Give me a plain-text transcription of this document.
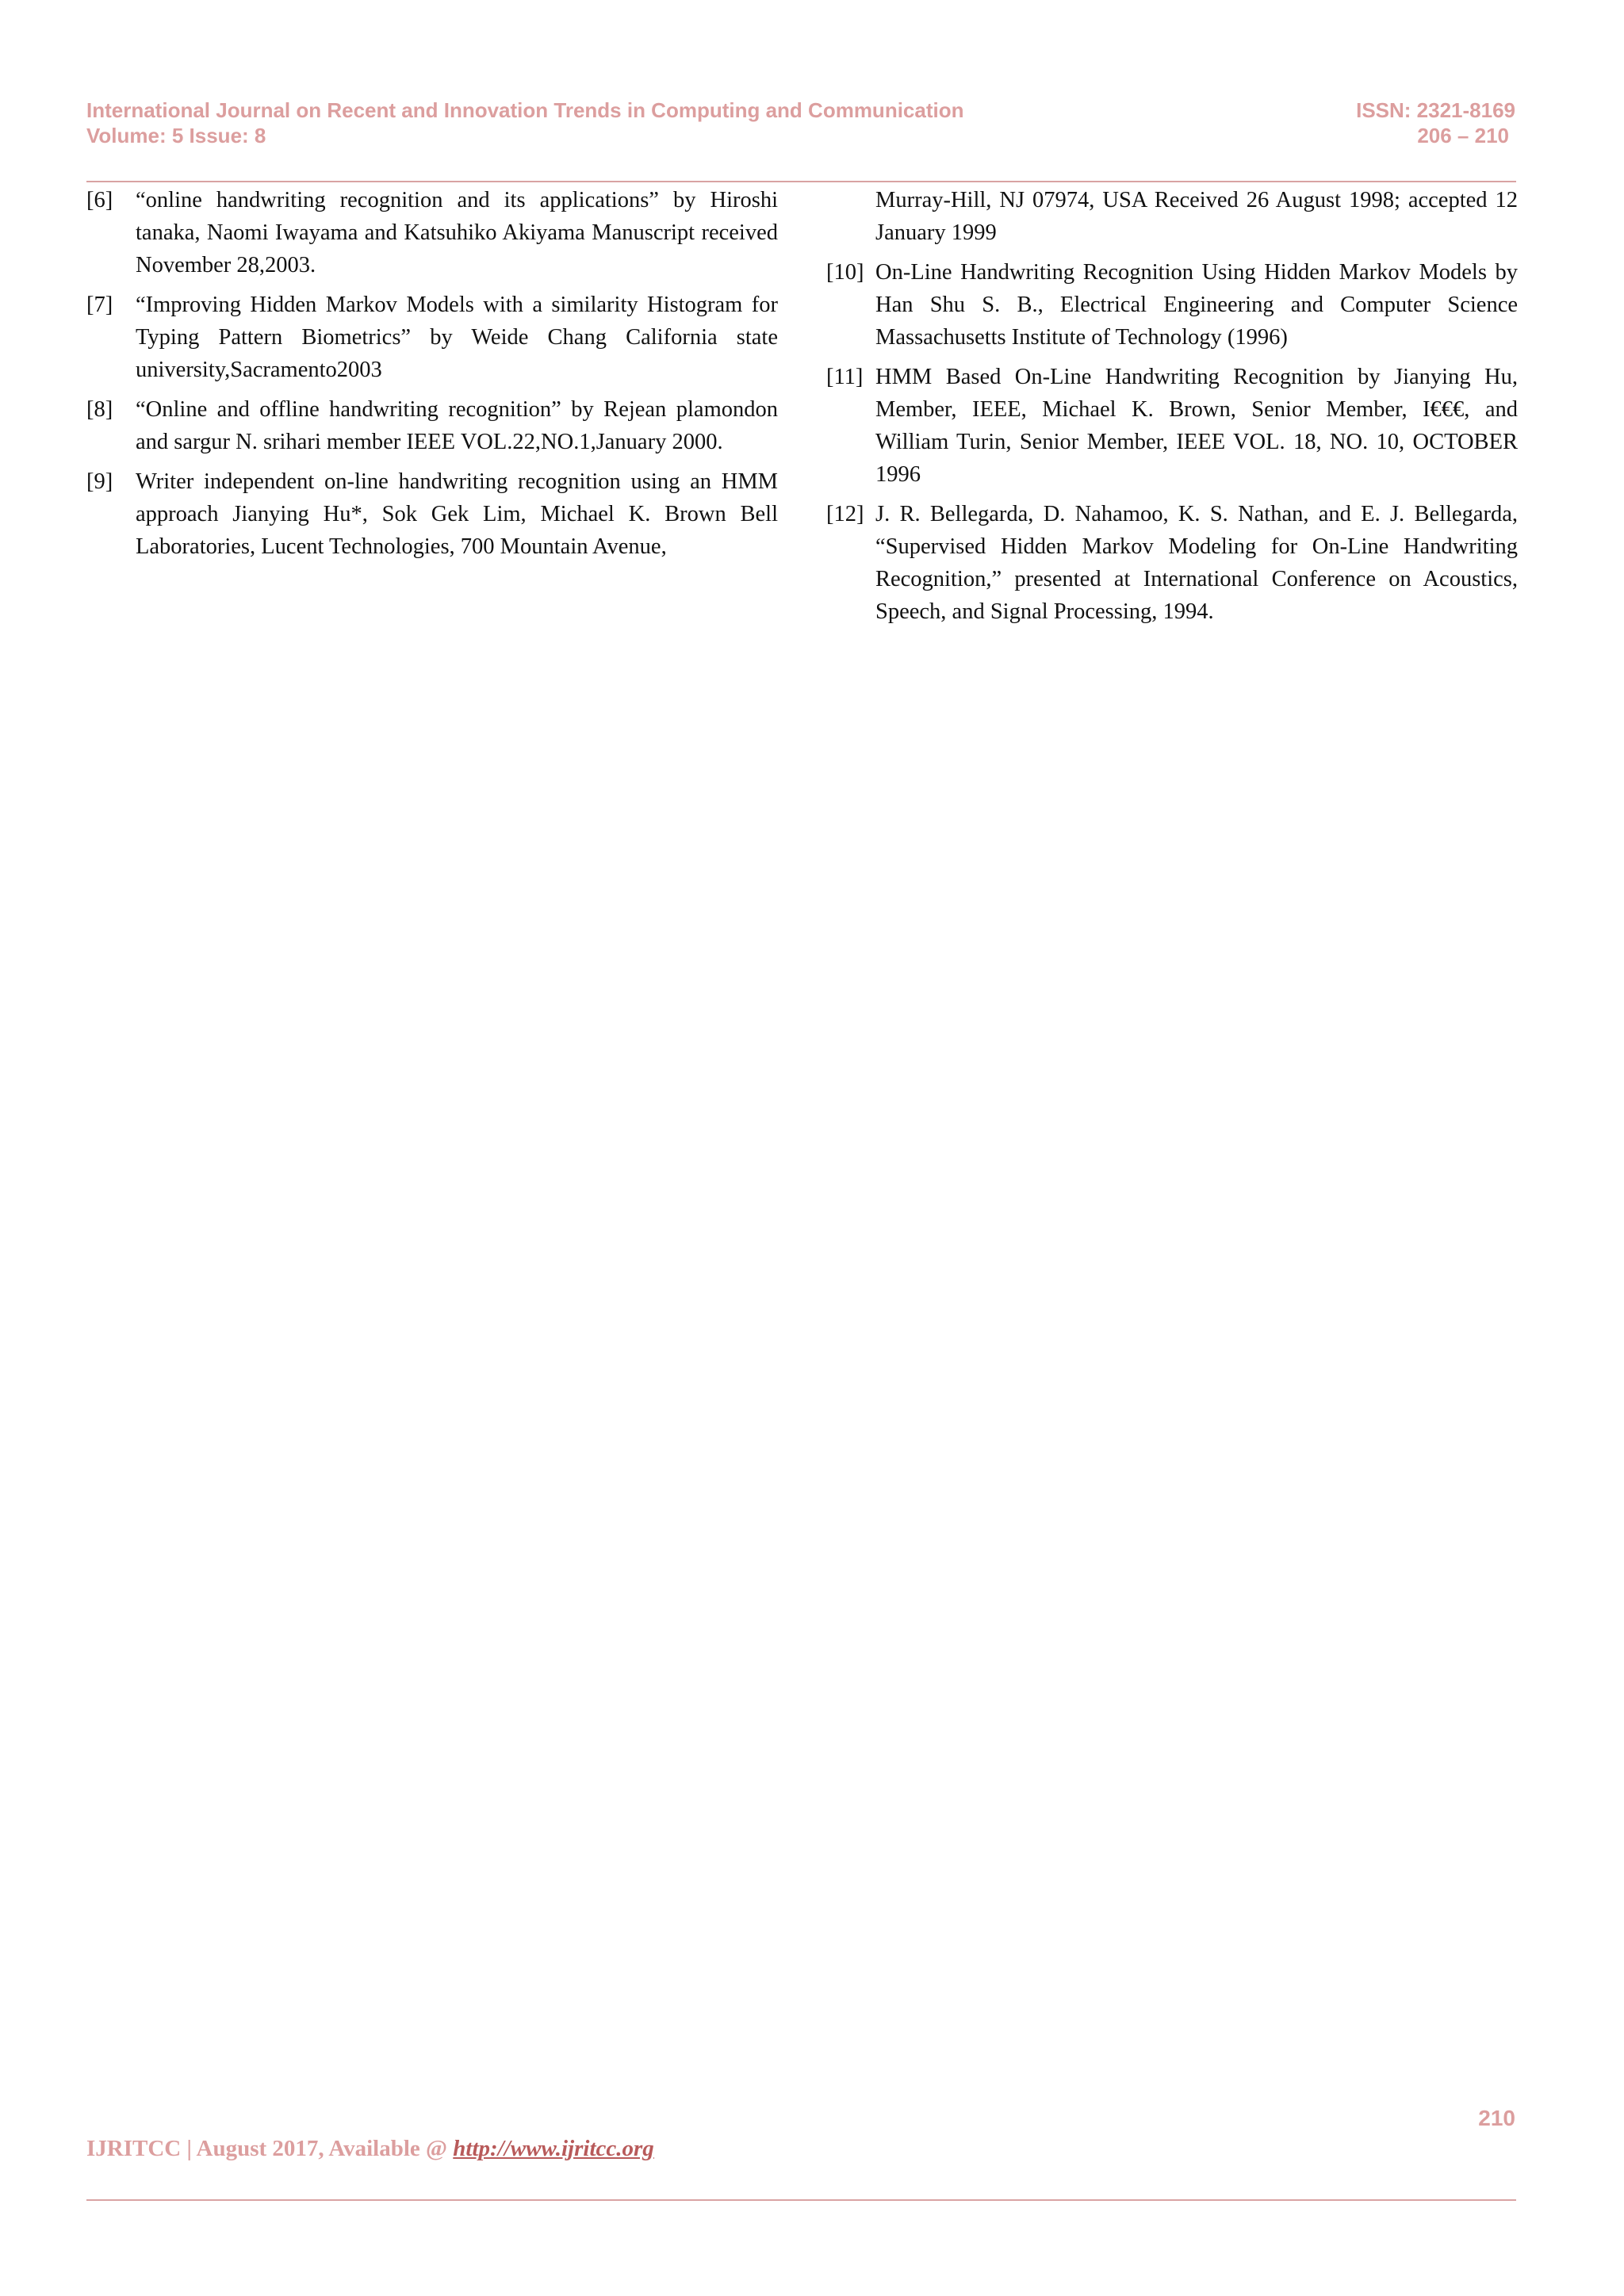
International Journal on Recent and Innovation Trends in Computing and Communication
Volume: 5 Issue: 8
ISSN: 2321-8169
206 – 210
[6]	“online handwriting recognition and its applications” by Hiroshi tanaka, Naomi Iwayama and Katsuhiko Akiyama Manuscript received November 28,2003.
[7]	“Improving Hidden Markov Models with a similarity Histogram for Typing Pattern Biometrics” by Weide Chang California state university,Sacramento2003
[8]	“Online and offline handwriting recognition” by Rejean plamondon and sargur N. srihari member IEEE VOL.22,NO.1,January 2000.
[9]	Writer independent on-line handwriting recognition using an HMM approach Jianying Hu*, Sok Gek Lim, Michael K. Brown Bell Laboratories, Lucent Technologies, 700 Mountain Avenue,
Murray-Hill, NJ 07974, USA Received 26 August 1998; accepted 12 January 1999
[10] On-Line Handwriting Recognition Using Hidden Markov Models by Han Shu S. B., Electrical Engineering and Computer Science Massachusetts Institute of Technology (1996)
[11] HMM Based On-Line Handwriting Recognition by Jianying Hu, Member, IEEE, Michael K. Brown, Senior Member, I€€€, and William Turin, Senior Member, IEEE VOL. 18, NO. 10, OCTOBER 1996
[12] J. R. Bellegarda, D. Nahamoo, K. S. Nathan, and E. J. Bellegarda, “Supervised Hidden Markov Modeling for On-Line Handwriting Recognition,” presented at International Conference on Acoustics, Speech, and Signal Processing, 1994.
210
IJRITCC | August 2017, Available @ http://www.ijritcc.org
